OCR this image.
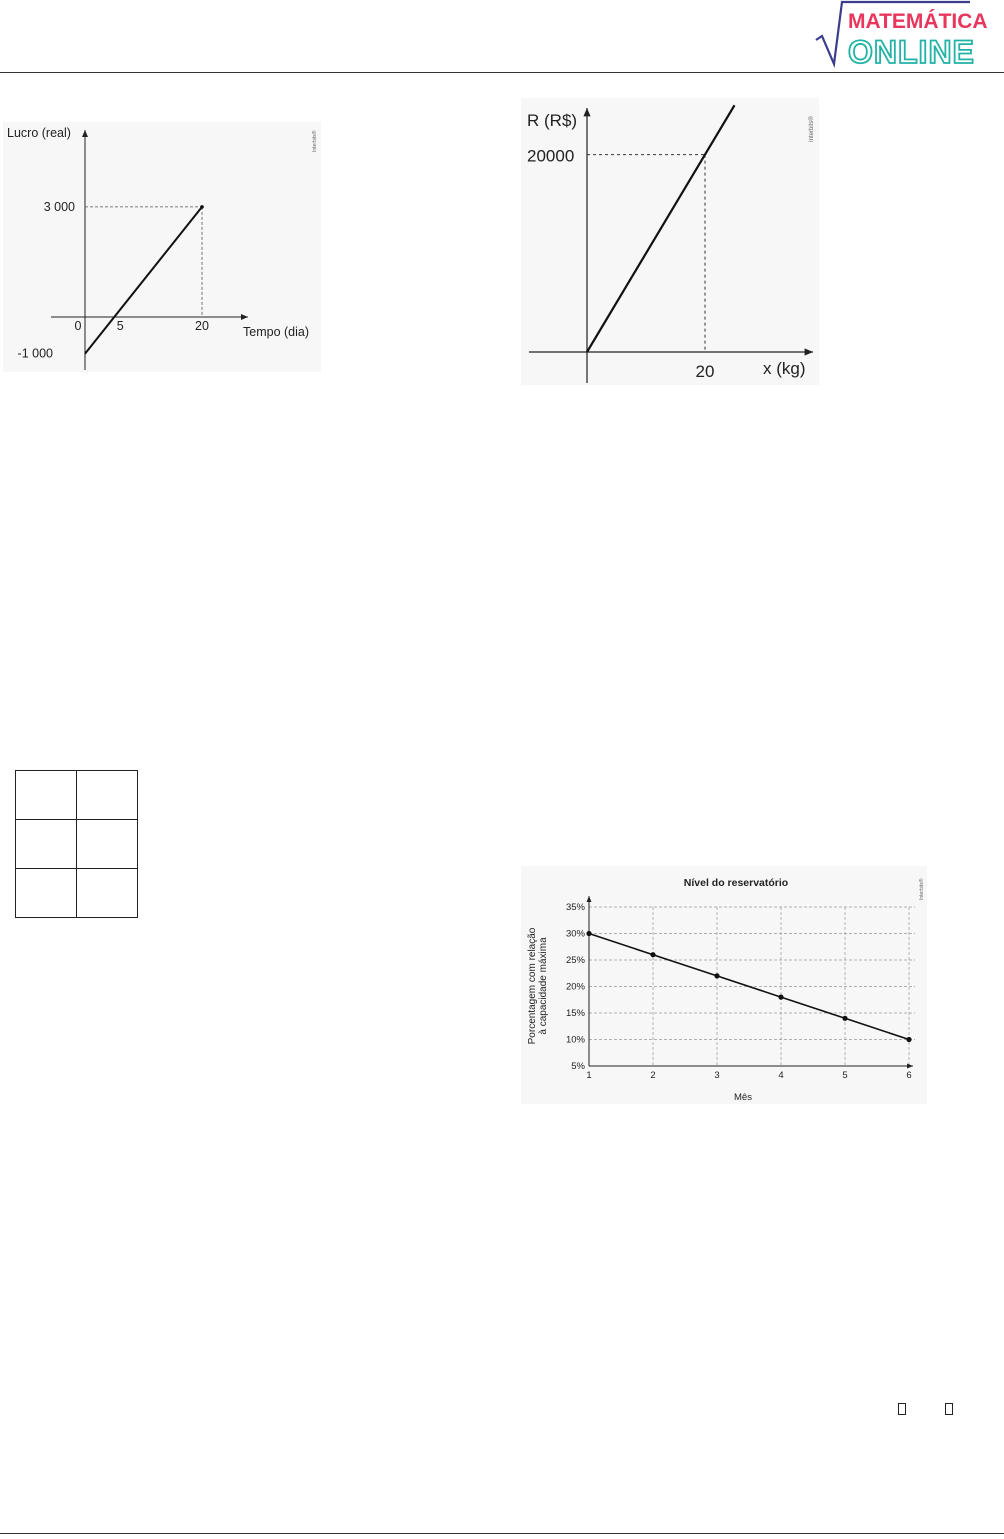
MATEMÁTICA
ONLINE
Lucro (real)
3 000
-1 000
0	5	20	Tempo (dia)
Interbits®
R (R$)
20000
20	x (kg)
Interbits®

Nível do reservatório
5%
10%
15%
20%
25%
30%
35%
1	2	3	4	5	6
Mês
Porcentagem com relação à capacidade máxima
Interbits®
